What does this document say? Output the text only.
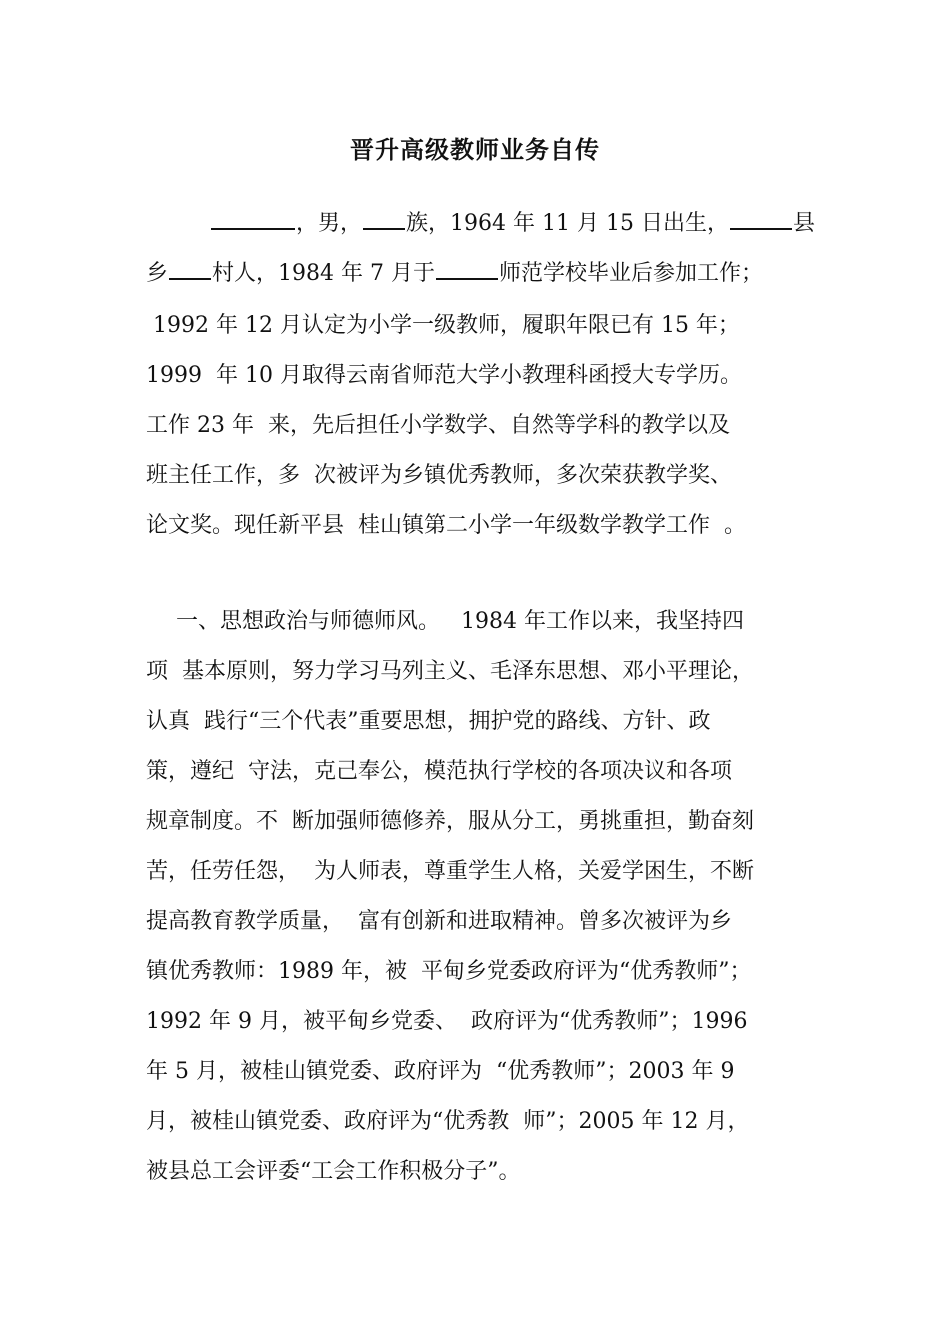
晋升高级教师业务自传
，男， 族，1964 年 11 月 15 日出生，	县
乡 村人，1984 年 7 月于	师范学校毕业后参加工作；
1992 年 12 月认定为小学一级教师，履职年限已有 15 年；
1999  年 10 月取得云南省师范大学小教理科函授大专学历。
工作 23 年  来，先后担任小学数学、自然等学科的教学以及
班主任工作，多  次被评为乡镇优秀教师，多次荣获教学奖、
论文奖。现任新平县  桂山镇第二小学一年级数学教学工作  。
一、思想政治与师德师风。   1984 年工作以来，我坚持四
项  基本原则，努力学习马列主义、毛泽东思想、邓小平理论，
认真  践行“三个代表”重要思想，拥护党的路线、方针、政
策，遵纪  守法，克己奉公，模范执行学校的各项决议和各项
规章制度。不  断加强师德修养，服从分工，勇挑重担，勤奋刻
苦，任劳任怨，  为人师表，尊重学生人格，关爱学困生，不断
提高教育教学质量，  富有创新和进取精神。曾多次被评为乡
镇优秀教师：1989 年，被  平甸乡党委政府评为“优秀教师”；
1992 年 9 月，被平甸乡党委、  政府评为“优秀教师”；1996
年 5 月，被桂山镇党委、政府评为  “优秀教师”；2003 年 9
月，被桂山镇党委、政府评为“优秀教  师”；2005 年 12 月，
被县总工会评委“工会工作积极分子”。
